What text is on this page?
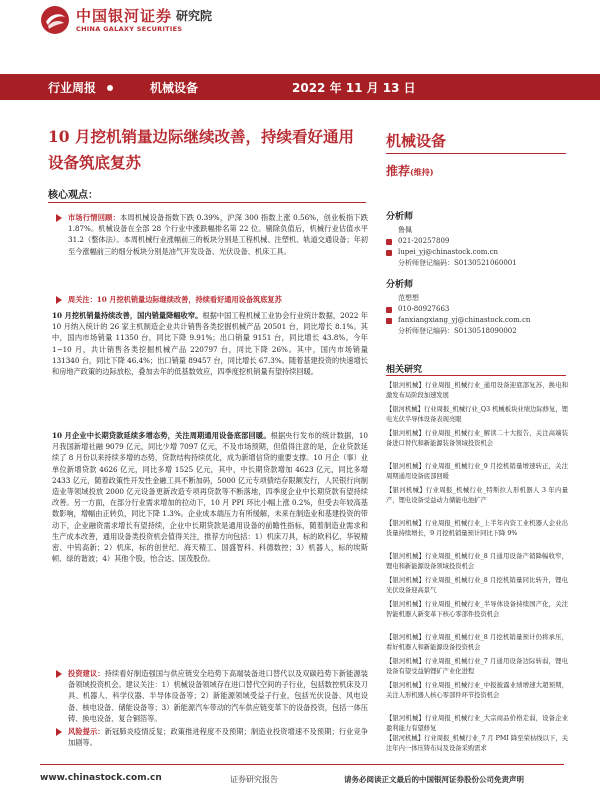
中国银河证券
CHINA GALAXY SECURITIES
研究院
行业周报	机械设备	2022 年 11 月 13 日
10 月挖机销量边际继续改善，持续看好通用设备筑底复苏
核心观点：
市场行情回顾：本周机械设备指数下跌 0.39%，沪深 300 指数上涨 0.56%，创业板指下跌 1.87%。机械设备在全部 28 个行业中涨跌幅排名第 22 位。剔除负值后，机械行业估值水平 31.2（整体法）。本周机械行业涨幅前三的板块分别是工程机械、注塑机、轨道交通设备；年初至今涨幅前三的细分板块分别是油气开发设备、光伏设备、机床工具。
周关注：10 月挖机销量边际继续改善，持续看好通用设备筑底复苏
10 月挖机销量持续改善，国内销量降幅收窄。根据中国工程机械工业协会行业统计数据，2022 年 10 月纳入统计的 26 家主机制造企业共计销售各类挖掘机械产品 20501 台，同比增长 8.1%。其中，国内市场销量 11350 台，同比下降 9.91%；出口销量 9151 台，同比增长 43.8%。今年 1−10 月，共计销售各类挖掘机械产品 220797 台，同比下降 26%。其中，国内市场销量 131340 台，同比下降 46.4%；出口销量 89457 台，同比增长 67.3%。随着基建投资的快速增长和房地产政策的边际放松，叠加去年的低基数效应，四季度挖机销量有望持续回暖。
10 月企业中长期贷款延续多增态势，关注周期通用设备底部回暖。根据央行发布的统计数据，10 月我国新增社融 9079 亿元，同比少增 7097 亿元，不及市场预期，但值得注意的是，企业贷款延续了 8 月份以来持续多增的态势，贷款结构持续优化，成为新增信贷的重要支撑。10 月企（事）业单位新增贷款 4626 亿元，同比多增 1525 亿元，其中，中长期贷款增加 4623 亿元，同比多增 2433 亿元，随着政策性开发性金融工具不断加码，5000 亿元专项债结存限额发行，人民银行向制造业等领域投放 2000 亿元设备更新改造专项再贷款等不断落地，四季度企业中长期贷款有望持续改善。另一方面，在部分行业需求增加的拉动下，10 月 PPI 环比小幅上涨 0.2%，但受去年较高基数影响，增幅由正转负，同比下降 1.3%。企业成本端压力有所缓解，未来在制造业和基建投资的带动下，企业融资需求增长有望持续，企业中长期贷款是通用设备的前瞻性指标，随着制造业需求和生产成本改善，通用设备类投资机会值得关注，推荐方向包括：1）机床刀具，标的欧科亿、华锐精密、中钨高新；2）机床，标的创世纪、海天精工、国盛智科、科德数控；3）机器人，标的埃斯顿、绿的谐波；4）其他个股，怡合达、国茂股份。
投资建议：持续看好制造强国与供应链安全趋势下高端装备进口替代以及双碳趋势下新能源装备领域投资机会。建议关注：1）机械设备领域存在进口替代空间的子行业，包括数控机床及刀具、机器人、科学仪器、半导体设备等；2）新能源领域受益子行业，包括光伏设备、风电设备、核电设备、储能设备等；3）新能源汽车带动的汽车供应链变革下的设备投资，包括一体压铸、换电设备、复合铜箔等。
风险提示：新冠肺炎疫情反复；政策推进程度不及预期；制造业投资增速不及预期；行业竞争加剧等。
机械设备
推荐(维持)
分析师
鲁佩
021-20257809
lupei_yj@chinastock.com.cn
分析师登记编码：S0130521060001
分析师
范想想
010-80927663
fanxiangxiang_yj@chinastock.com.cn
分析师登记编码：S0130518090002
相关研究
【银河机械】行业周报_机械行业_通用设备迎底部复苏，换电和激发布局阶段加速发展
【银河机械】行业周报_机械行业_Q3 机械板块业绩边际修复，锂电光伏半导体设备表现亮眼
【银河机械】行业周报_机械行业_解读二十大报告，关注高端装备进口替代和新能源装备领域投资机会
【银河机械】行业周报_机械行业_9 月挖机销量增速转正，关注周期通用设备底部回暖
【银河机械】行业周报_机械行业_特斯拉人形机器人 3 年内量产，锂电设备受益动力储能电池扩产
【银河机械】行业周报_机械行业_上半年内资工业机器人企业出货量持续增长，9 月挖机销量预计同比下降 9%
【银河机械】行业周报_机械行业_8 月通用设备产销降幅收窄，锂电和新能源设备领域投资机会
【银河机械】行业周报_机械行业_8 月挖机销量同比转升，锂电光伏设备迎高景气
【银河机械】行业周报_机械行业_半导体设备持续国产化，关注智能机器人新变革下核心零部件投资机会
【银河机械】行业周报_机械行业_8 月挖机销量预计仍将承压，看好机器人和新能源设备投资机会
【银河机械】行业周报_机械行业_7 月通用设备边际转弱，锂电设备有望受益钠锂矿产业化进程
【银河机械】行业周报_机械行业_中报披露业绩增速大超预期，关注人形机器人核心零部件环节投资机会
【银河机械】行业周报_机械行业_大宗商品价格走弱，设备企业盈利能力有望修复
【银河机械】行业周报_机械行业_7 月 PMI 降至荣枯线以下，关注年内一体压铸布局及设备采购需求
www.chinastock.com.cn	证券研究报告	请务必阅读正文最后的中国银河证券股份公司免责声明
